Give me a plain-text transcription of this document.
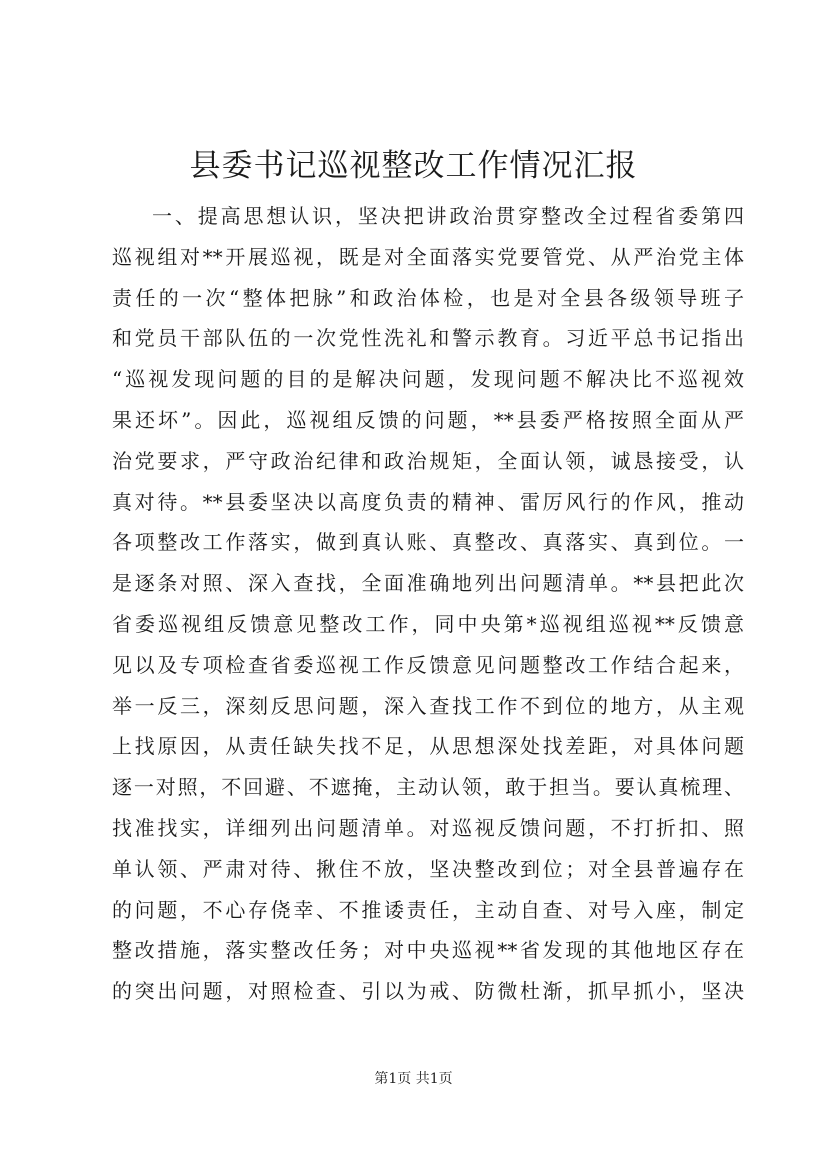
县委书记巡视整改工作情况汇报
一、提高思想认识，坚决把讲政治贯穿整改全过程省委第四
巡视组对**开展巡视，既是对全面落实党要管党、从严治党主体
责任的一次“整体把脉”和政治体检，也是对全县各级领导班子
和党员干部队伍的一次党性洗礼和警示教育。习近平总书记指出
“巡视发现问题的目的是解决问题，发现问题不解决比不巡视效
果还坏”。因此，巡视组反馈的问题，**县委严格按照全面从严
治党要求，严守政治纪律和政治规矩，全面认领，诚恳接受，认
真对待。**县委坚决以高度负责的精神、雷厉风行的作风，推动
各项整改工作落实，做到真认账、真整改、真落实、真到位。一
是逐条对照、深入查找，全面准确地列出问题清单。**县把此次
省委巡视组反馈意见整改工作，同中央第*巡视组巡视**反馈意
见以及专项检查省委巡视工作反馈意见问题整改工作结合起来，
举一反三，深刻反思问题，深入查找工作不到位的地方，从主观
上找原因，从责任缺失找不足，从思想深处找差距，对具体问题
逐一对照，不回避、不遮掩，主动认领，敢于担当。要认真梳理、
找准找实，详细列出问题清单。对巡视反馈问题，不打折扣、照
单认领、严肃对待、揪住不放，坚决整改到位；对全县普遍存在
的问题，不心存侥幸、不推诿责任，主动自查、对号入座，制定
整改措施，落实整改任务；对中央巡视**省发现的其他地区存在
的突出问题，对照检查、引以为戒、防微杜渐，抓早抓小，坚决
第1页 共1页
